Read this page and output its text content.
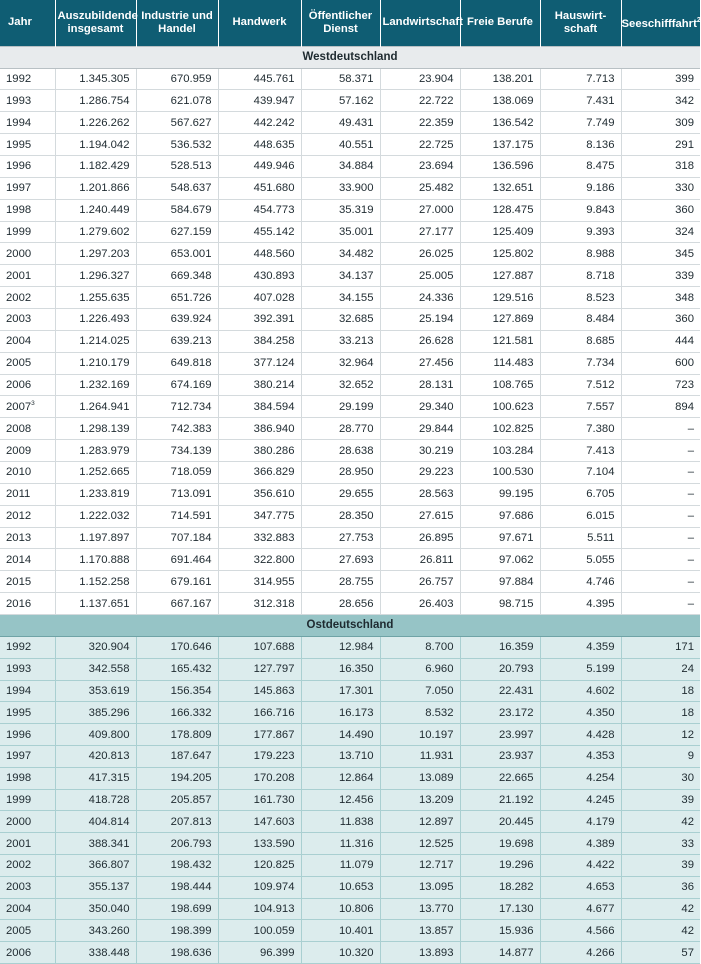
Jahr	Auszubildende insgesamt	Industrie und Handel	Handwerk	Öffentlicher Dienst	Landwirtschaft	Freie Berufe	Hauswirt-schaft	Seeschifffahrt$^2$
Westdeutschland								
1992	1.345.305	670.959	445.761	58.371	23.904	138.201	7.713	399
1993	1.286.754	621.078	439.947	57.162	22.722	138.069	7.431	342
1994	1.226.262	567.627	442.242	49.431	22.359	136.542	7.749	309
1995	1.194.042	536.532	448.635	40.551	22.725	137.175	8.136	291
1996	1.182.429	528.513	449.946	34.884	23.694	136.596	8.475	318
1997	1.201.866	548.637	451.680	33.900	25.482	132.651	9.186	330
1998	1.240.449	584.679	454.773	35.319	27.000	128.475	9.843	360
1999	1.279.602	627.159	455.142	35.001	27.177	125.409	9.393	324
2000	1.297.203	653.001	448.560	34.482	26.025	125.802	8.988	345
2001	1.296.327	669.348	430.893	34.137	25.005	127.887	8.718	339
2002	1.255.635	651.726	407.028	34.155	24.336	129.516	8.523	348
2003	1.226.493	639.924	392.391	32.685	25.194	127.869	8.484	360
2004	1.214.025	639.213	384.258	33.213	26.628	121.581	8.685	444
2005	1.210.179	649.818	377.124	32.964	27.456	114.483	7.734	600
2006	1.232.169	674.169	380.214	32.652	28.131	108.765	7.512	723
2007$^3$	1.264.941	712.734	384.594	29.199	29.340	100.623	7.557	894
2008	1.298.139	742.383	386.940	28.770	29.844	102.825	7.380	–
2009	1.283.979	734.139	380.286	28.638	30.219	103.284	7.413	–
2010	1.252.665	718.059	366.829	28.950	29.223	100.530	7.104	–
2011	1.233.819	713.091	356.610	29.655	28.563	99.195	6.705	–
2012	1.222.032	714.591	347.775	28.350	27.615	97.686	6.015	–
2013	1.197.897	707.184	332.883	27.753	26.895	97.671	5.511	–
2014	1.170.888	691.464	322.800	27.693	26.811	97.062	5.055	–
2015	1.152.258	679.161	314.955	28.755	26.757	97.884	4.746	–
2016	1.137.651	667.167	312.318	28.656	26.403	98.715	4.395	–
Ostdeutschland								
1992	320.904	170.646	107.688	12.984	8.700	16.359	4.359	171
1993	342.558	165.432	127.797	16.350	6.960	20.793	5.199	24
1994	353.619	156.354	145.863	17.301	7.050	22.431	4.602	18
1995	385.296	166.332	166.716	16.173	8.532	23.172	4.350	18
1996	409.800	178.809	177.867	14.490	10.197	23.997	4.428	12
1997	420.813	187.647	179.223	13.710	11.931	23.937	4.353	9
1998	417.315	194.205	170.208	12.864	13.089	22.665	4.254	30
1999	418.728	205.857	161.730	12.456	13.209	21.192	4.245	39
2000	404.814	207.813	147.603	11.838	12.897	20.445	4.179	42
2001	388.341	206.793	133.590	11.316	12.525	19.698	4.389	33
2002	366.807	198.432	120.825	11.079	12.717	19.296	4.422	39
2003	355.137	198.444	109.974	10.653	13.095	18.282	4.653	36
2004	350.040	198.699	104.913	10.806	13.770	17.130	4.677	42
2005	343.260	198.399	100.059	10.401	13.857	15.936	4.566	42
2006	338.448	198.636	96.399	10.320	13.893	14.877	4.266	57
